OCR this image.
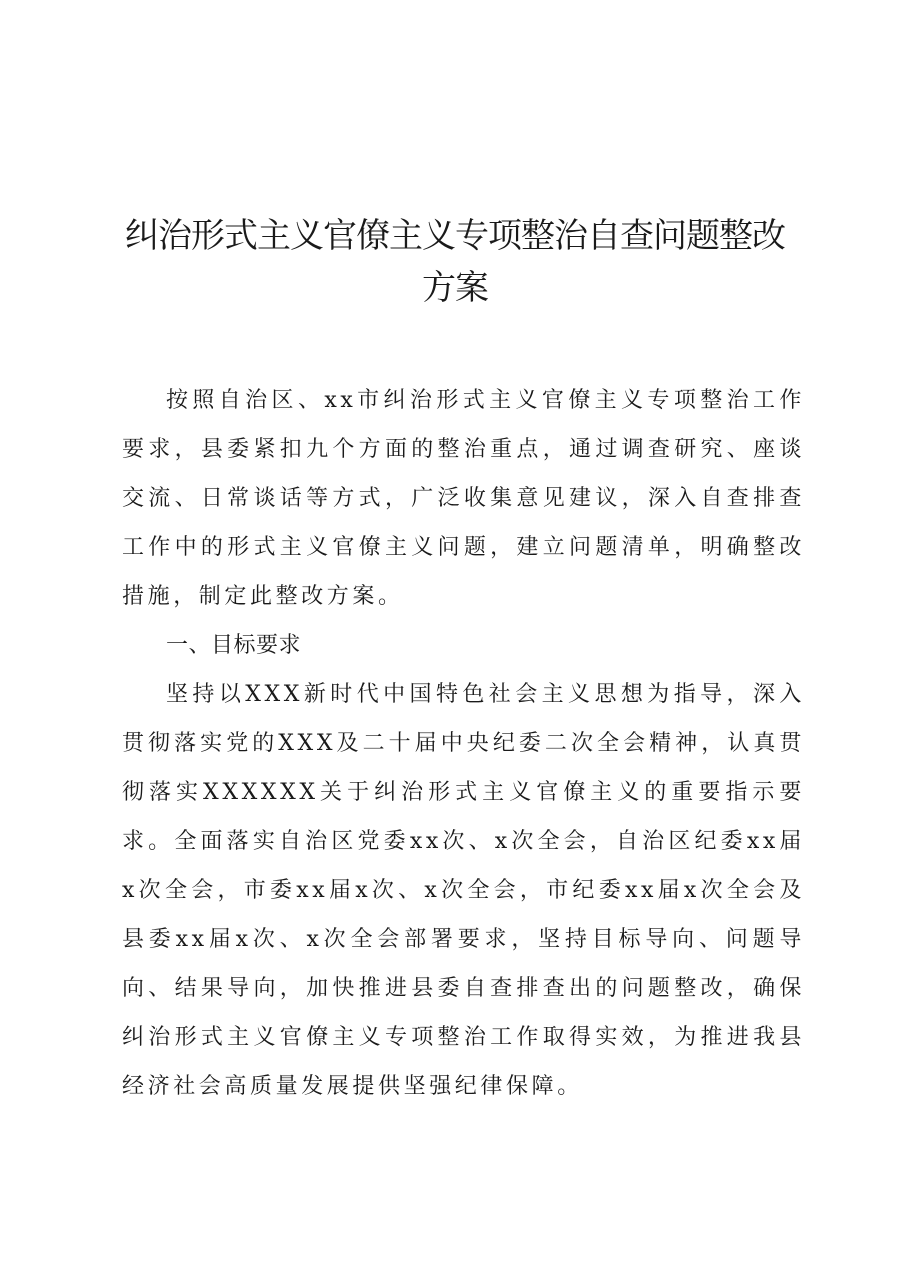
纠治形式主义官僚主义专项整治自查问题整改方案

按照自治区、xx市纠治形式主义官僚主义专项整治工作要求，县委紧扣九个方面的整治重点，通过调查研究、座谈交流、日常谈话等方式，广泛收集意见建议，深入自查排查工作中的形式主义官僚主义问题，建立问题清单，明确整改措施，制定此整改方案。

一、目标要求

坚持以XXX新时代中国特色社会主义思想为指导，深入贯彻落实党的XXX及二十届中央纪委二次全会精神，认真贯彻落实XXXXXX关于纠治形式主义官僚主义的重要指示要求。全面落实自治区党委xx次、x次全会，自治区纪委xx届x次全会，市委xx届x次、x次全会，市纪委xx届x次全会及县委xx届x次、x次全会部署要求，坚持目标导向、问题导向、结果导向，加快推进县委自查排查出的问题整改，确保纠治形式主义官僚主义专项整治工作取得实效，为推进我县经济社会高质量发展提供坚强纪律保障。
